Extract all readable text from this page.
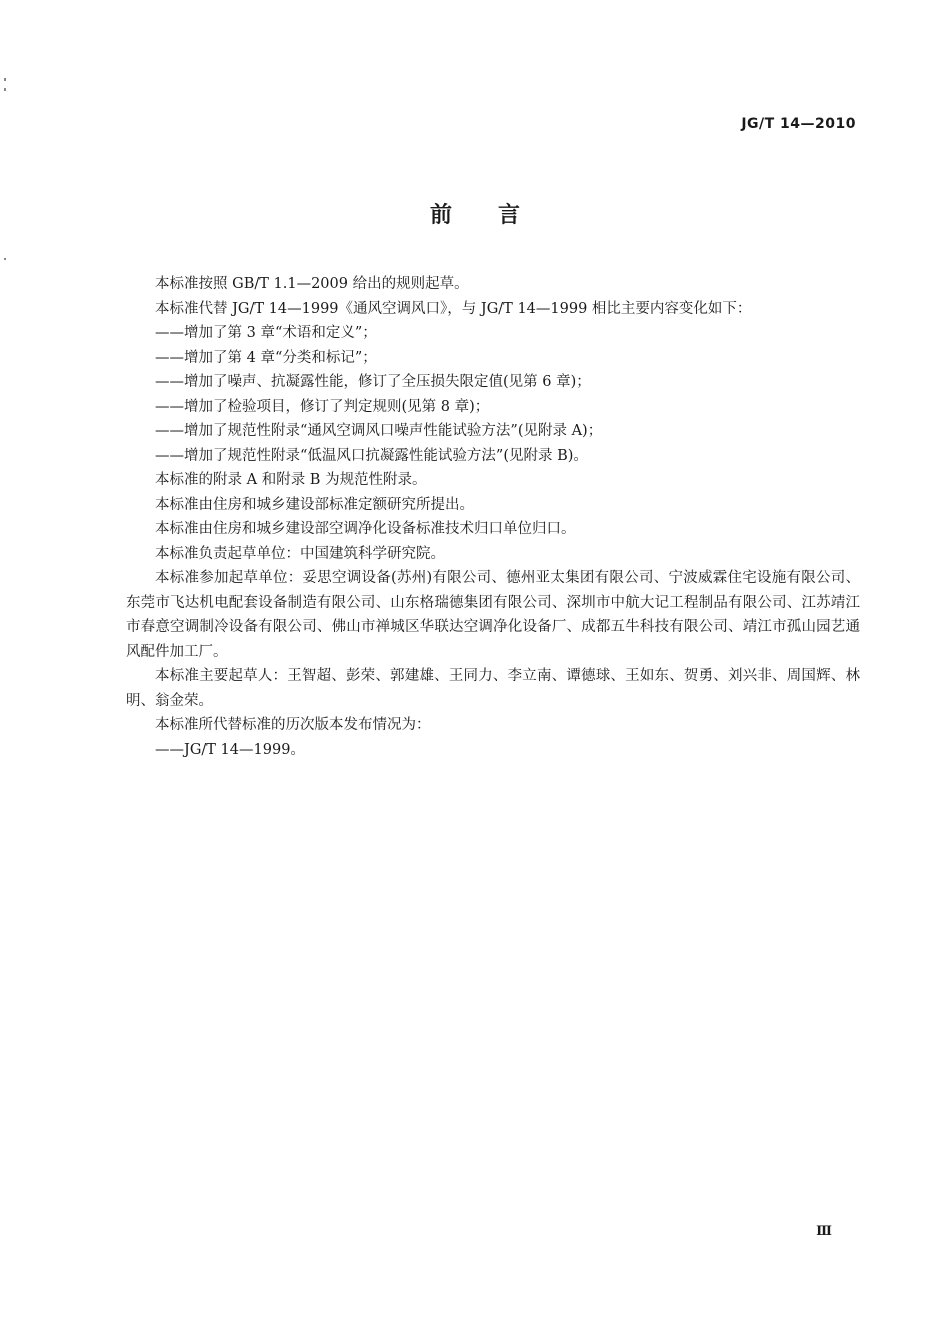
JG/T 14—2010
前言

本标准按照 GB/T 1.1—2009 给出的规则起草。

本标准代替 JG/T 14—1999《通风空调风口》，与 JG/T 14—1999 相比主要内容变化如下：

——增加了第 3 章“术语和定义”；

——增加了第 4 章“分类和标记”；

——增加了噪声、抗凝露性能，修订了全压损失限定值(见第 6 章)；

——增加了检验项目，修订了判定规则(见第 8 章)；

——增加了规范性附录“通风空调风口噪声性能试验方法”(见附录 A)；

——增加了规范性附录“低温风口抗凝露性能试验方法”(见附录 B)。

本标准的附录 A 和附录 B 为规范性附录。

本标准由住房和城乡建设部标准定额研究所提出。

本标准由住房和城乡建设部空调净化设备标准技术归口单位归口。

本标准负责起草单位：中国建筑科学研究院。

本标准参加起草单位：妥思空调设备(苏州)有限公司、德州亚太集团有限公司、宁波威霖住宅设施有限公司、东莞市飞达机电配套设备制造有限公司、山东格瑞德集团有限公司、深圳市中航大记工程制品有限公司、江苏靖江市春意空调制冷设备有限公司、佛山市禅城区华联达空调净化设备厂、成都五牛科技有限公司、靖江市孤山园艺通风配件加工厂。

本标准主要起草人：王智超、彭荣、郭建雄、王同力、李立南、谭德球、王如东、贺勇、刘兴非、周国辉、林明、翁金荣。

本标准所代替标准的历次版本发布情况为：

——JG/T 14—1999。

Ⅲ
